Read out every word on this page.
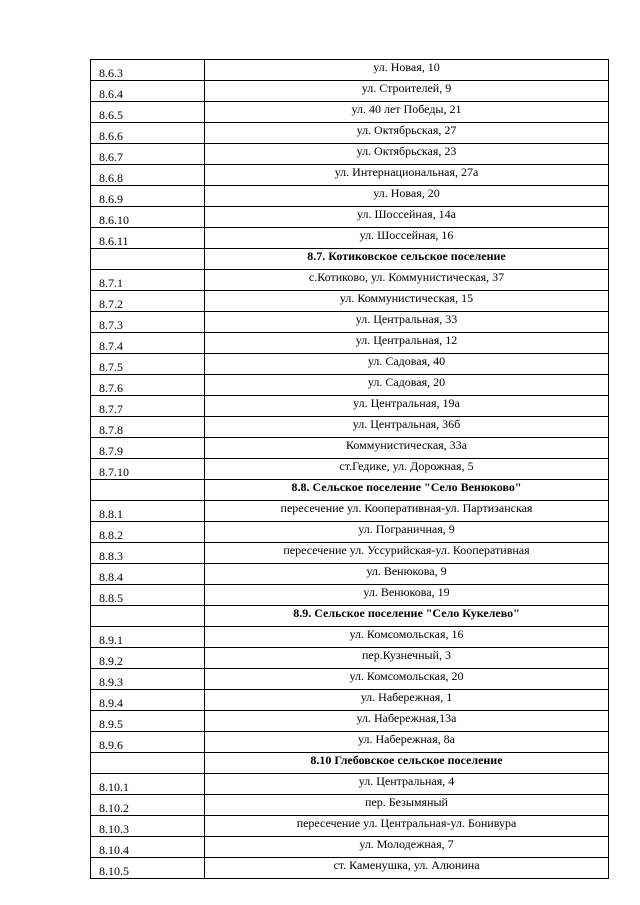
8.6.3	ул. Новая, 10
8.6.4	ул. Строителей, 9
8.6.5	ул. 40 лет Победы, 21
8.6.6	ул. Октябрьская, 27
8.6.7	ул. Октябрьская, 23
8.6.8	ул. Интернациональная, 27а
8.6.9	ул. Новая, 20
8.6.10	ул. Шоссейная, 14а
8.6.11	ул. Шоссейная, 16
	8.7. Котиковское сельское поселение
8.7.1	с.Котиково, ул. Коммунистическая, 37
8.7.2	ул. Коммунистическая, 15
8.7.3	ул. Центральная, 33
8.7.4	ул. Центральная, 12
8.7.5	ул. Садовая, 40
8.7.6	ул. Садовая, 20
8.7.7	ул. Центральная, 19а
8.7.8	ул. Центральная, 36б
8.7.9	Коммунистическая, 33а
8.7.10	ст.Гедике, ул. Дорожная, 5
	8.8. Сельское поселение "Село Венюково"
8.8.1	пересечение ул. Кооперативная-ул. Партизанская
8.8.2	ул. Пограничная, 9
8.8.3	пересечение ул. Уссурийская-ул. Кооперативная
8.8.4	ул. Венюкова, 9
8.8.5	ул. Венюкова, 19
	8.9. Сельское поселение "Село Кукелево"
8.9.1	ул. Комсомольская, 16
8.9.2	пер.Кузнечный, 3
8.9.3	ул. Комсомольская, 20
8.9.4	ул. Набережная, 1
8.9.5	ул. Набережная,13а
8.9.6	ул. Набережная, 8а
	8.10 Глебовское сельское поселение
8.10.1	ул. Центральная, 4
8.10.2	пер. Безымяный
8.10.3	пересечение ул. Центральная-ул. Бонивура
8.10.4	ул. Молодежная, 7
8.10.5	ст. Каменушка, ул. Алюнина
